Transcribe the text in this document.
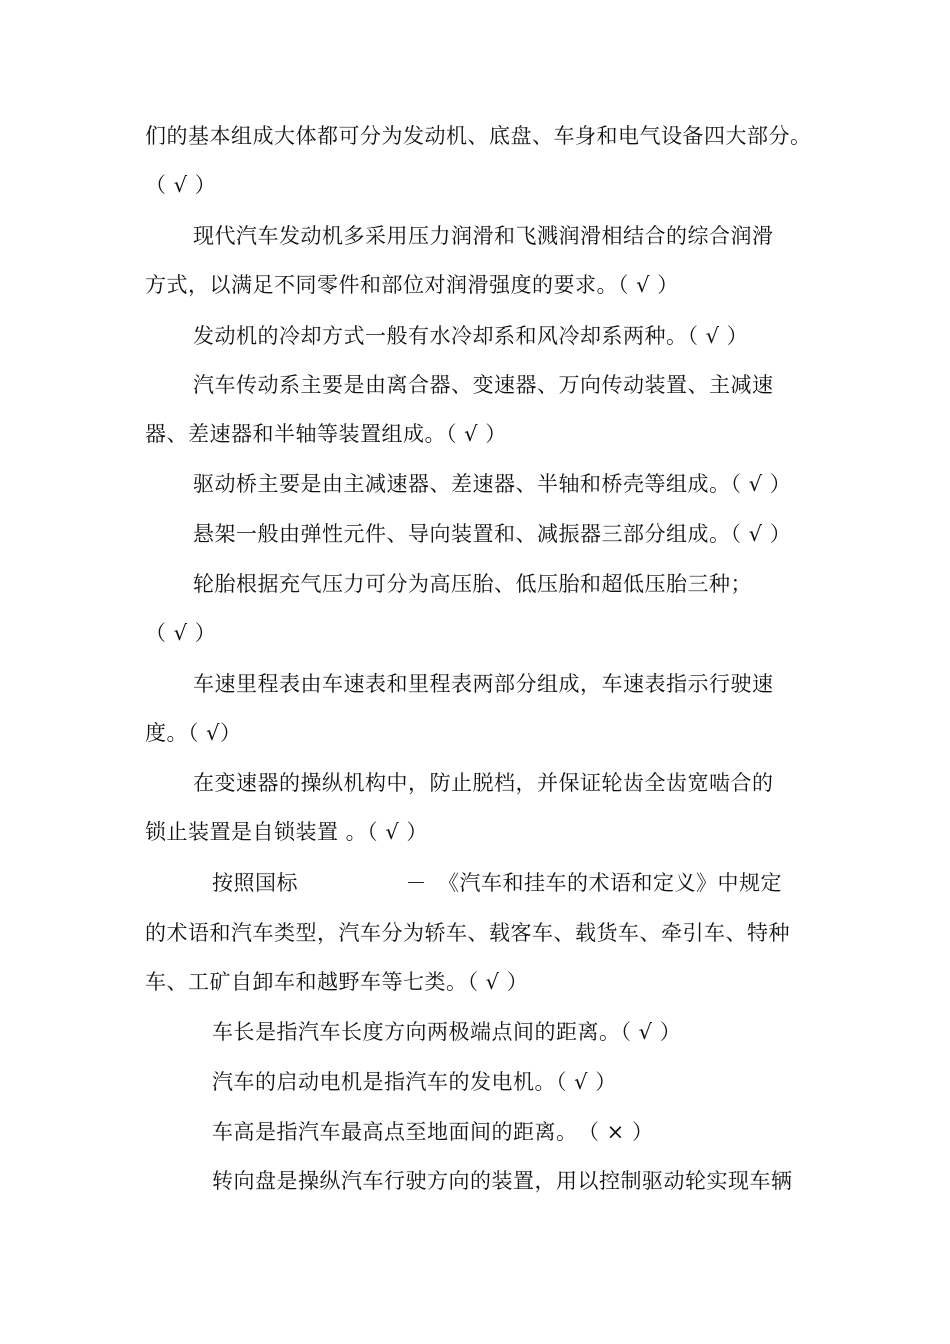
们的基本组成大体都可分为发动机、底盘、车身和电气设备四大部分。
（ √ ）
现代汽车发动机多采用压力润滑和飞溅润滑相结合的综合润滑
方式，以满足不同零件和部位对润滑强度的要求。（ √ ）
发动机的冷却方式一般有水冷却系和风冷却系两种。（ √ ）
汽车传动系主要是由离合器、变速器、万向传动装置、主减速
器、差速器和半轴等装置组成。（ √ ）
驱动桥主要是由主减速器、差速器、半轴和桥壳等组成。（ √ ）
悬架一般由弹性元件、导向装置和、减振器三部分组成。（ √ ）
轮胎根据充气压力可分为高压胎、低压胎和超低压胎三种；
（ √ ）
车速里程表由车速表和里程表两部分组成，车速表指示行驶速
度。（ √）
在变速器的操纵机构中，防止脱档，并保证轮齿全齿宽啮合的
锁止装置是自锁装置 。（ √ ）
按照国标　　　　　－　《汽车和挂车的术语和定义》中规定
的术语和汽车类型，汽车分为轿车、载客车、载货车、牵引车、特种
车、工矿自卸车和越野车等七类。（ √ ）
车长是指汽车长度方向两极端点间的距离。（ √ ）
汽车的启动电机是指汽车的发电机。（ √ ）
车高是指汽车最高点至地面间的距离。　（ × ）
转向盘是操纵汽车行驶方向的装置，用以控制驱动轮实现车辆
